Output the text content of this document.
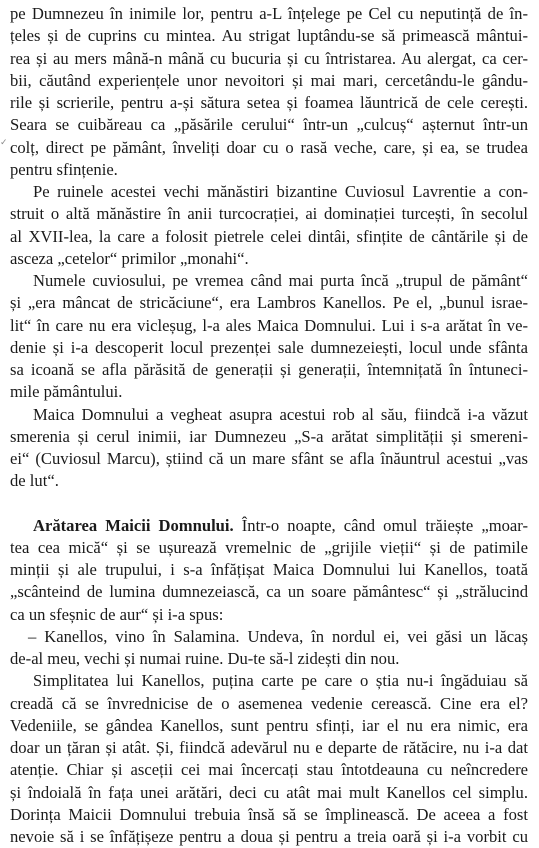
✓
pe Dumnezeu în inimile lor, pentru a-L înțelege pe Cel cu neputință de în-
țeles și de cuprins cu mintea. Au strigat luptându-se să primească mântui-
rea și au mers mână-n mână cu bucuria și cu întristarea. Au alergat, ca cer-
bii, căutând experiențele unor nevoitori și mai mari, cercetându-le gându-
rile și scrierile, pentru a-și sătura setea și foamea lăuntrică de cele cerești.
Seara se cuibăreau ca „păsările cerului“ într-un „culcuș“ așternut într-un
colț, direct pe pământ, înveliți doar cu o rasă veche, care, și ea, se trudea
pentru sfințenie.
Pe ruinele acestei vechi mănăstiri bizantine Cuviosul Lavrentie a con-
struit o altă mănăstire în anii turcocrației, ai dominației turcești, în secolul
al XVII-lea, la care a folosit pietrele celei dintâi, sfințite de cântările și de
asceza „cetelor“ primilor „monahi“.
Numele cuviosului, pe vremea când mai purta încă „trupul de pământ“
și „era mâncat de stricăciune“, era Lambros Kanellos. Pe el, „bunul israe-
lit“ în care nu era vicleșug, l-a ales Maica Domnului. Lui i s-a arătat în ve-
denie și i-a descoperit locul prezenței sale dumnezeiești, locul unde sfânta
sa icoană se afla părăsită de generații și generații, întemnițată în întuneci-
mile pământului.
Maica Domnului a vegheat asupra acestui rob al său, fiindcă i-a văzut
smerenia și cerul inimii, iar Dumnezeu „S-a arătat simplității și smereni-
ei“ (Cuviosul Marcu), știind că un mare sfânt se afla înăuntrul acestui „vas
de lut“.
Arătarea Maicii Domnului. Într-o noapte, când omul trăiește „moar-
tea cea mică“ și se ușurează vremelnic de „grijile vieții“ și de patimile
minții și ale trupului, i s-a înfățișat Maica Domnului lui Kanellos, toată
„scânteind de lumina dumnezeiască, ca un soare pământesc“ și „strălucind
ca un sfeșnic de aur“ și i-a spus:
– Kanellos, vino în Salamina. Undeva, în nordul ei, vei găsi un lăcaș
de-al meu, vechi și numai ruine. Du-te să-l zidești din nou.
Simplitatea lui Kanellos, puțina carte pe care o știa nu-i îngăduiau să
creadă că se învrednicise de o asemenea vedenie cerească. Cine era el?
Vedeniile, se gândea Kanellos, sunt pentru sfinți, iar el nu era nimic, era
doar un țăran și atât. Și, fiindcă adevărul nu e departe de rătăcire, nu i-a dat
atenție. Chiar și asceții cei mai încercați stau întotdeauna cu neîncredere
și îndoială în fața unei arătări, deci cu atât mai mult Kanellos cel simplu.
Dorința Maicii Domnului trebuia însă să se împlinească. De aceea a fost
nevoie să i se înfățișeze pentru a doua și pentru a treia oară și i-a vorbit cu
